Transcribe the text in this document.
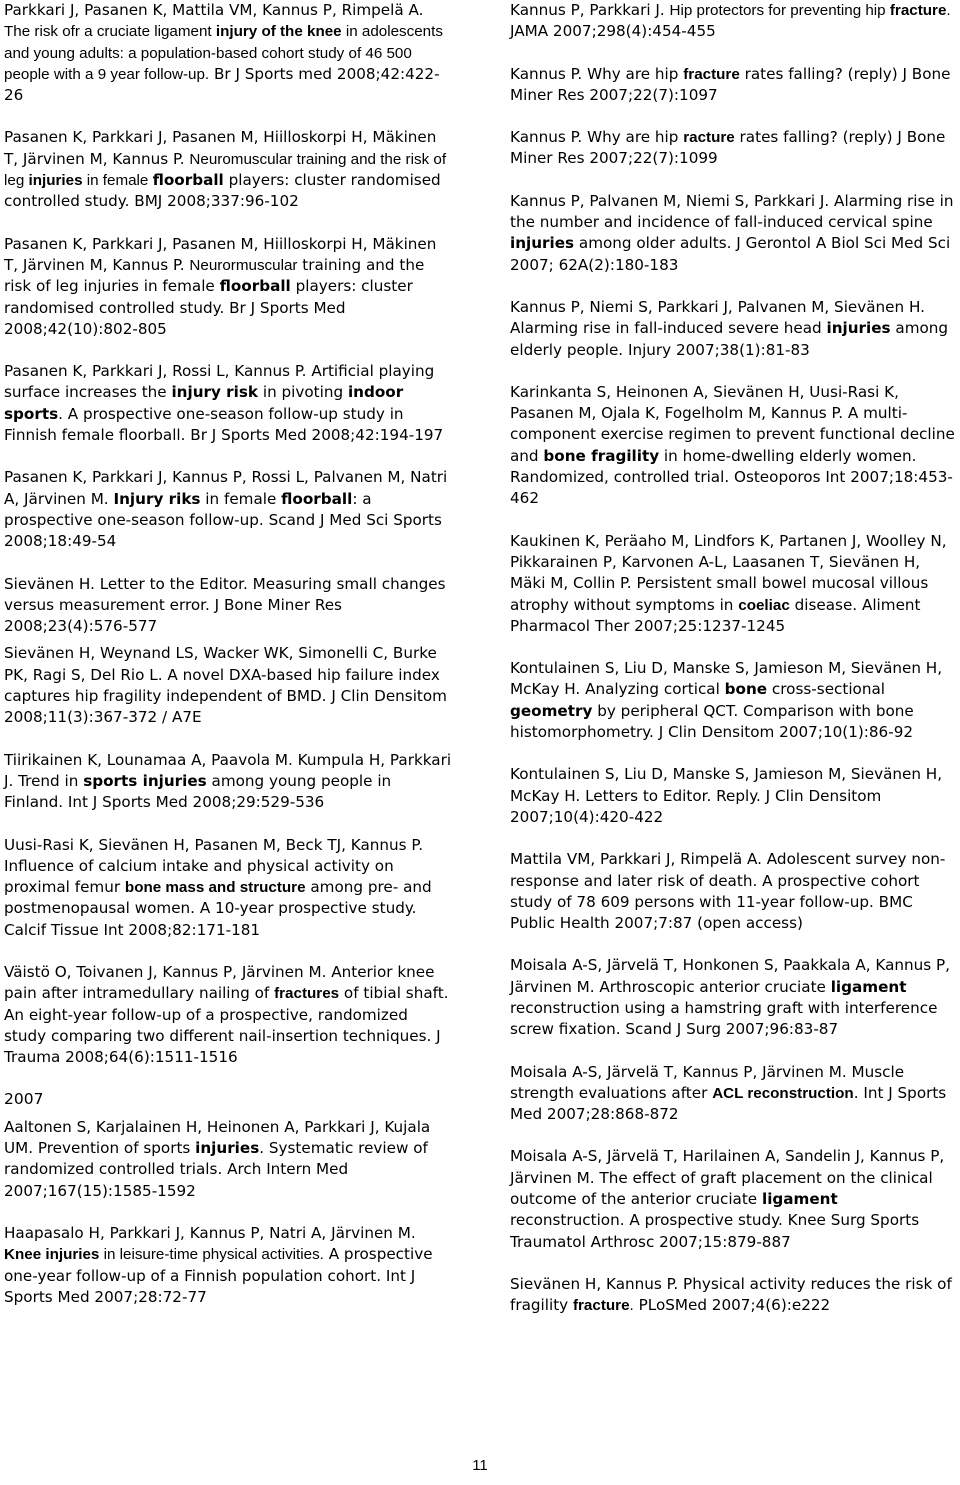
Parkkari J, Pasanen K, Mattila VM, Kannus P, Rimpelä A. The risk ofr a cruciate ligament injury of the knee in adolescents and young adults: a population-based cohort study of 46 500 people with a 9 year follow-up. Br J Sports med 2008;42:422-26
Pasanen K, Parkkari J, Pasanen M, Hiilloskorpi H, Mäkinen T, Järvinen M, Kannus P. Neuromuscular training and the risk of leg injuries in female floorball players: cluster randomised controlled study. BMJ 2008;337:96-102
Pasanen K, Parkkari J, Pasanen M, Hiilloskorpi H, Mäkinen T, Järvinen M, Kannus P. Neurormuscular training and the risk of leg injuries in female floorball players: cluster randomised controlled study. Br J Sports Med 2008;42(10):802-805
Pasanen K, Parkkari J, Rossi L, Kannus P. Artificial playing surface increases the injury risk in pivoting indoor sports. A prospective one-season follow-up study in Finnish female floorball. Br J Sports Med 2008;42:194-197
Pasanen K, Parkkari J, Kannus P, Rossi L, Palvanen M, Natri A, Järvinen M. Injury riks in female floorball: a prospective one-season follow-up. Scand J Med Sci Sports 2008;18:49-54
Sievänen H. Letter to the Editor. Measuring small changes versus measurement error. J Bone Miner Res 2008;23(4):576-577
Sievänen H, Weynand LS, Wacker WK, Simonelli C, Burke PK, Ragi S, Del Rio L. A novel DXA-based hip failure index captures hip fragility independent of BMD. J Clin Densitom 2008;11(3):367-372 / A7E
Tiirikainen K, Lounamaa A, Paavola M. Kumpula H, Parkkari J. Trend in sports injuries among young people in Finland. Int J Sports Med 2008;29:529-536
Uusi-Rasi K, Sievänen H, Pasanen M, Beck TJ, Kannus P. Influence of calcium intake and physical activity on proximal femur bone mass and structure among pre- and postmenopausal women. A 10-year prospective study. Calcif Tissue Int 2008;82:171-181
Väistö O, Toivanen J, Kannus P, Järvinen M. Anterior knee pain after intramedullary nailing of fractures of tibial shaft. An eight-year follow-up of a prospective, randomized study comparing two different nail-insertion techniques. J Trauma 2008;64(6):1511-1516
2007
Aaltonen S, Karjalainen H, Heinonen A, Parkkari J, Kujala UM. Prevention of sports injuries. Systematic review of randomized controlled trials. Arch Intern Med 2007;167(15):1585-1592
Haapasalo H, Parkkari J, Kannus P, Natri A, Järvinen M. Knee injuries in leisure-time physical activities. A prospective one-year follow-up of a Finnish population cohort. Int J Sports Med 2007;28:72-77
Kannus P, Parkkari J. Hip protectors for preventing hip fracture. JAMA 2007;298(4):454-455
Kannus P. Why are hip fracture rates falling? (reply) J Bone Miner Res 2007;22(7):1097
Kannus P. Why are hip racture rates falling? (reply) J Bone Miner Res 2007;22(7):1099
Kannus P, Palvanen M, Niemi S, Parkkari J. Alarming rise in the number and incidence of fall-induced cervical spine injuries among older adults. J Gerontol A Biol Sci Med Sci 2007; 62A(2):180-183
Kannus P, Niemi S, Parkkari J, Palvanen M, Sievänen H. Alarming rise in fall-induced severe head injuries among elderly people. Injury 2007;38(1):81-83
Karinkanta S, Heinonen A, Sievänen H, Uusi-Rasi K, Pasanen M, Ojala K, Fogelholm M, Kannus P. A multi-component exercise regimen to prevent functional decline and bone fragility in home-dwelling elderly women. Randomized, controlled trial. Osteoporos Int 2007;18:453-462
Kaukinen K, Peräaho M, Lindfors K, Partanen J, Woolley N, Pikkarainen P, Karvonen A-L, Laasanen T, Sievänen H, Mäki M, Collin P. Persistent small bowel mucosal villous atrophy without symptoms in coeliac disease. Aliment Pharmacol Ther 2007;25:1237-1245
Kontulainen S, Liu D, Manske S, Jamieson M, Sievänen H, McKay H. Analyzing cortical bone cross-sectional geometry by peripheral QCT. Comparison with bone histomorphometry. J Clin Densitom 2007;10(1):86-92
Kontulainen S, Liu D, Manske S, Jamieson M, Sievänen H, McKay H. Letters to Editor. Reply. J Clin Densitom 2007;10(4):420-422
Mattila VM, Parkkari J, Rimpelä A. Adolescent survey non-response and later risk of death. A prospective cohort study of 78 609 persons with 11-year follow-up. BMC Public Health 2007;7:87 (open access)
Moisala A-S, Järvelä T, Honkonen S, Paakkala A, Kannus P, Järvinen M. Arthroscopic anterior cruciate ligament reconstruction using a hamstring graft with interference screw fixation. Scand J Surg 2007;96:83-87
Moisala A-S, Järvelä T, Kannus P, Järvinen M. Muscle strength evaluations after ACL reconstruction. Int J Sports Med 2007;28:868-872
Moisala A-S, Järvelä T, Harilainen A, Sandelin J, Kannus P, Järvinen M. The effect of graft placement on the clinical outcome of the anterior cruciate ligament reconstruction. A prospective study. Knee Surg Sports Traumatol Arthrosc 2007;15:879-887
Sievänen H, Kannus P. Physical activity reduces the risk of fragility fracture. PLoSMed 2007;4(6):e222
11
